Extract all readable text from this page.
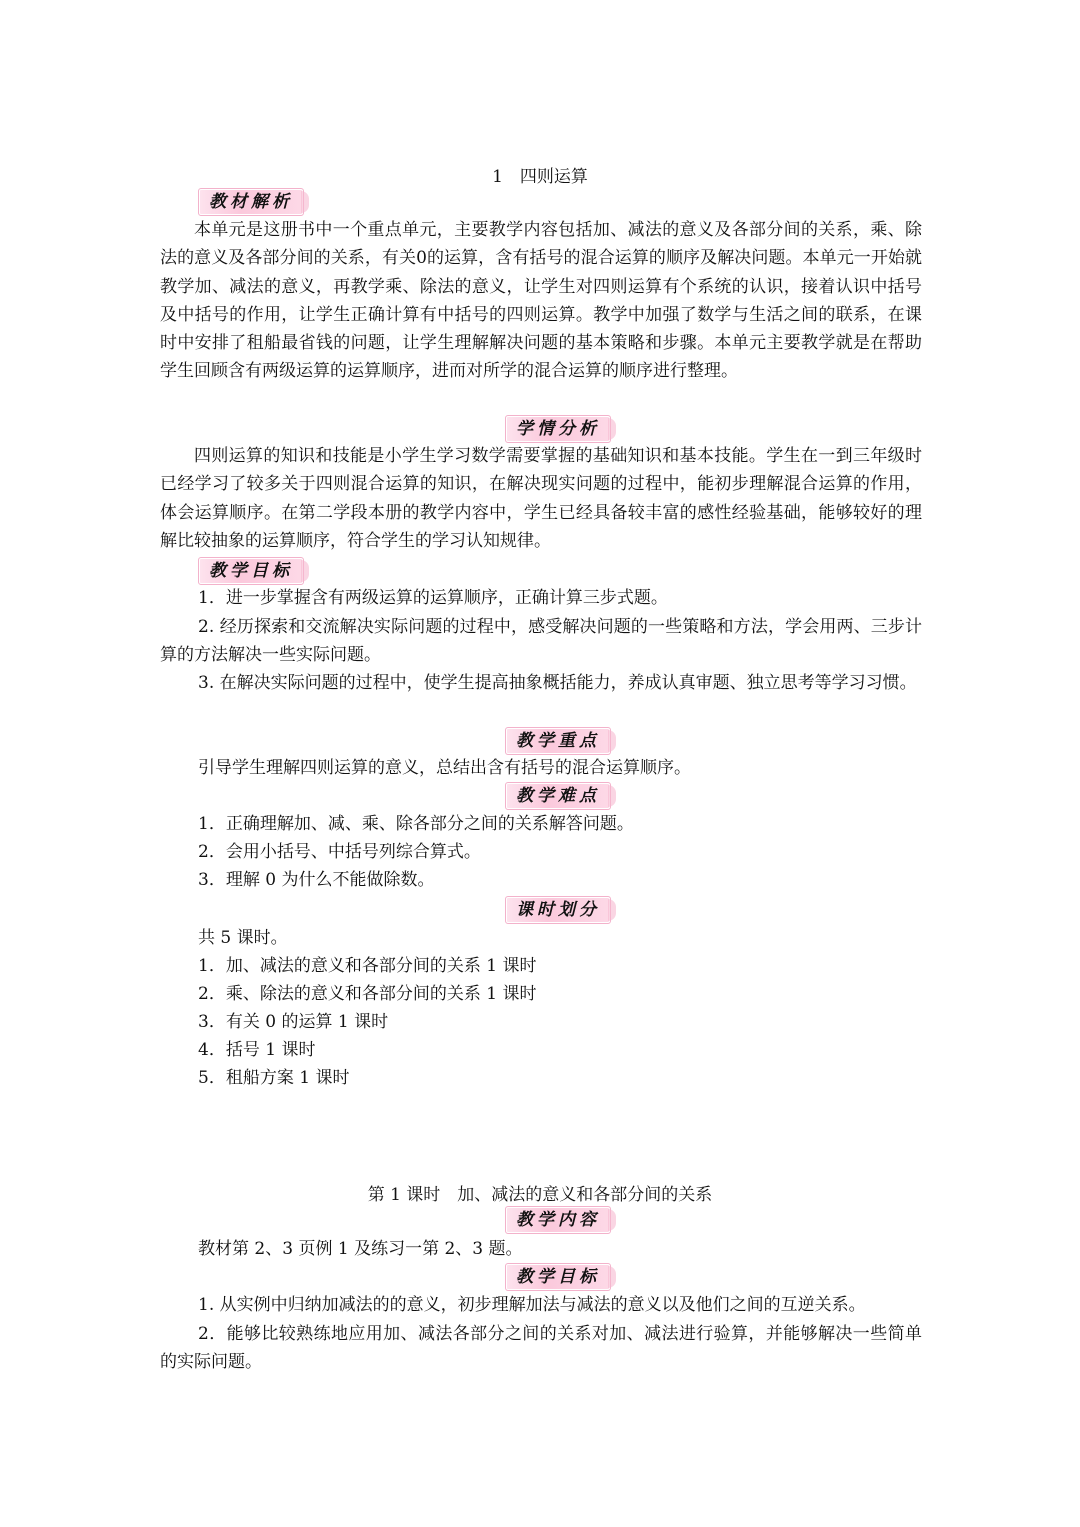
1　四则运算
教材解析

本单元是这册书中一个重点单元，主要教学内容包括加、减法的意义及各部分间的关系，乘、除法的意义及各部分间的关系，有关0的运算，含有括号的混合运算的顺序及解决问题。本单元一开始就教学加、减法的意义，再教学乘、除法的意义，让学生对四则运算有个系统的认识，接着认识中括号及中括号的作用，让学生正确计算有中括号的四则运算。教学中加强了数学与生活之间的联系，在课时中安排了租船最省钱的问题，让学生理解解决问题的基本策略和步骤。本单元主要教学就是在帮助学生回顾含有两级运算的运算顺序，进而对所学的混合运算的顺序进行整理。

学情分析

四则运算的知识和技能是小学生学习数学需要掌握的基础知识和基本技能。学生在一到三年级时已经学习了较多关于四则混合运算的知识，在解决现实问题的过程中，能初步理解混合运算的作用，体会运算顺序。在第二学段本册的教学内容中，学生已经具备较丰富的感性经验基础，能够较好的理解比较抽象的运算顺序，符合学生的学习认知规律。

教学目标

1．进一步掌握含有两级运算的运算顺序，正确计算三步式题。

2. 经历探索和交流解决实际问题的过程中，感受解决问题的一些策略和方法，学会用两、三步计算的方法解决一些实际问题。

3. 在解决实际问题的过程中，使学生提高抽象概括能力，养成认真审题、独立思考等学习习惯。

教学重点
引导学生理解四则运算的意义，总结出含有括号的混合运算顺序。
教学难点
1．正确理解加、减、乘、除各部分之间的关系解答问题。
2．会用小括号、中括号列综合算式。
3．理解 0 为什么不能做除数。
课时划分
共 5 课时。
1．加、减法的意义和各部分间的关系 1 课时
2．乘、除法的意义和各部分间的关系 1 课时
3．有关 0 的运算 1 课时
4．括号 1 课时
5．租船方案 1 课时
第 1 课时　加、减法的意义和各部分间的关系
教学内容
教材第 2、3 页例 1 及练习一第 2、3 题。
教学目标

1. 从实例中归纳加减法的的意义，初步理解加法与减法的意义以及他们之间的互逆关系。

2．能够比较熟练地应用加、减法各部分之间的关系对加、减法进行验算，并能够解决一些简单的实际问题。
